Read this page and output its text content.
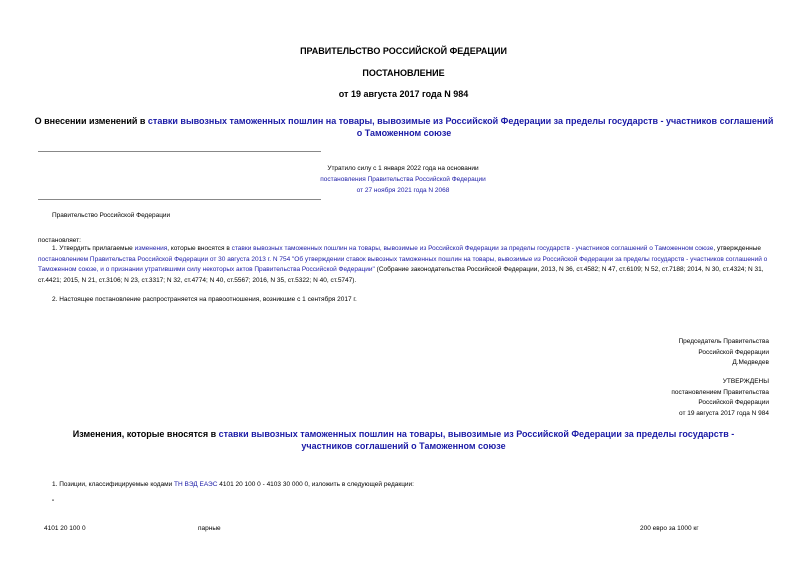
ПРАВИТЕЛЬСТВО РОССИЙСКОЙ ФЕДЕРАЦИИ
ПОСТАНОВЛЕНИЕ
от 19 августа 2017 года N 984
О внесении изменений в ставки вывозных таможенных пошлин на товары, вывозимые из Российской Федерации за пределы государств - участников соглашений о Таможенном союзе
Утратило силу с 1 января 2022 года на основании
постановления Правительства Российской Федерации
от 27 ноября 2021 года N 2068
Правительство Российской Федерации
постановляет:
1. Утвердить прилагаемые изменения, которые вносятся в ставки вывозных таможенных пошлин на товары, вывозимые из Российской Федерации за пределы государств - участников соглашений о Таможенном союзе, утвержденные постановлением Правительства Российской Федерации от 30 августа 2013 г. N 754 "Об утверждении ставок вывозных таможенных пошлин на товары, вывозимые из Российской Федерации за пределы государств - участников соглашений о Таможенном союзе, и о признании утратившими силу некоторых актов Правительства Российской Федерации" (Собрание законодательства Российской Федерации, 2013, N 36, ст.4582; N 47, ст.6109; N 52, ст.7188; 2014, N 30, ст.4324; N 31, ст.4421; 2015, N 21, ст.3106; N 23, ст.3317; N 32, ст.4774; N 40, ст.5567; 2016, N 35, ст.5322; N 40, ст.5747).
2. Настоящее постановление распространяется на правоотношения, возникшие с 1 сентября 2017 г.
Председатель Правительства
Российской Федерации
Д.Медведев
УТВЕРЖДЕНЫ
постановлением Правительства
Российской Федерации
от 19 августа 2017 года N 984
Изменения, которые вносятся в ставки вывозных таможенных пошлин на товары, вывозимые из Российской Федерации за пределы государств - участников соглашений о Таможенном союзе
1. Позиции, классифицируемые кодами ТН ВЭД ЕАЭС 4101 20 100 0 - 4103 30 000 0, изложить в следующей редакции:
"
4101 20 100 0	парные	200 евро за 1000 кг
